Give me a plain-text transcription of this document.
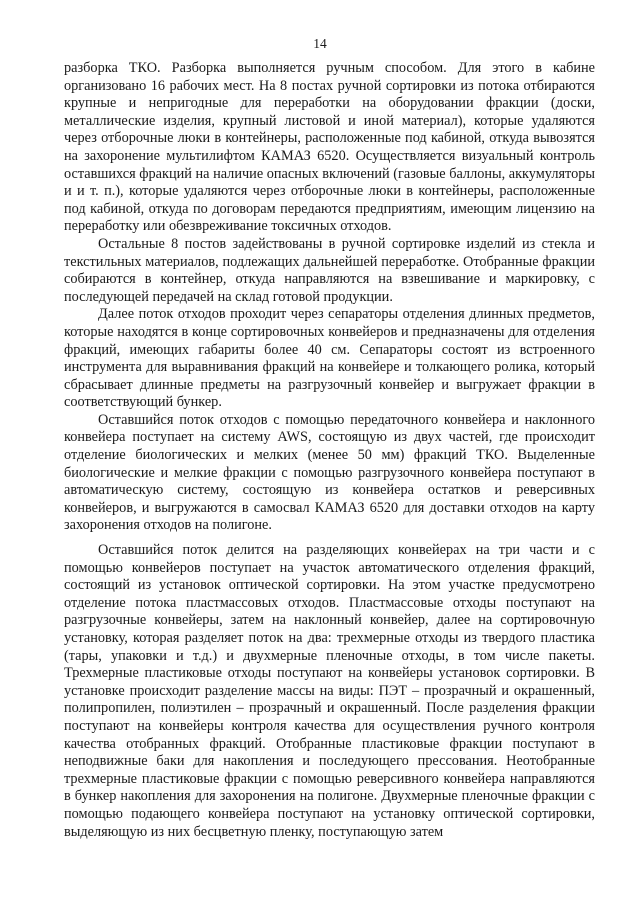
14

разборка ТКО. Разборка выполняется ручным способом. Для этого в кабине организовано 16 рабочих мест. На 8 постах ручной сортировки из потока отбираются крупные и непригодные для переработки на оборудовании фракции (доски, металлические изделия, крупный листовой и иной материал), которые удаляются через отборочные люки в контейнеры, расположенные под кабиной, откуда вывозятся на захоронение мультилифтом КАМАЗ 6520. Осуществляется визуальный контроль оставшихся фракций на наличие опасных включений (газовые баллоны, аккумуляторы и и т. п.), которые удаляются через отборочные люки в контейнеры, расположенные под кабиной, откуда по договорам передаются предприятиям, имеющим лицензию на переработку или обезвреживание токсичных отходов.

Остальные 8 постов задействованы в ручной сортировке изделий из стекла и текстильных материалов, подлежащих дальнейшей переработке. Отобранные фракции собираются в контейнер, откуда направляются на взвешивание и маркировку, с последующей передачей на склад готовой продукции.

Далее поток отходов проходит через сепараторы отделения длинных предметов, которые находятся в конце сортировочных конвейеров и предназначены для отделения фракций, имеющих габариты более 40 см. Сепараторы состоят из встроенного инструмента для выравнивания фракций на конвейере и толкающего ролика, который сбрасывает длинные предметы на разгрузочный конвейер и выгружает фракции в соответствующий бункер.

Оставшийся поток отходов с помощью передаточного конвейера и наклонного конвейера поступает на систему AWS, состоящую из двух частей, где происходит отделение биологических и мелких (менее 50 мм) фракций ТКО. Выделенные биологические и мелкие фракции с помощью разгрузочного конвейера поступают в автоматическую систему, состоящую из конвейера остатков и реверсивных конвейеров, и выгружаются в самосвал КАМАЗ 6520 для доставки отходов на карту захоронения отходов на полигоне.

Оставшийся поток делится на разделяющих конвейерах на три части и с помощью конвейеров поступает на участок автоматического отделения фракций, состоящий из установок оптической сортировки. На этом участке предусмотрено отделение потока пластмассовых отходов. Пластмассовые отходы поступают на разгрузочные конвейеры, затем на наклонный конвейер, далее на сортировочную установку, которая разделяет поток на два: трехмерные отходы из твердого пластика (тары, упаковки и т.д.) и двухмерные пленочные отходы, в том числе пакеты. Трехмерные пластиковые отходы поступают на конвейеры установок сортировки. В установке происходит разделение массы на виды: ПЭТ – прозрачный и окрашенный, полипропилен, полиэтилен – прозрачный и окрашенный. После разделения фракции поступают на конвейеры контроля качества для осуществления ручного контроля качества отобранных фракций. Отобранные пластиковые фракции поступают в неподвижные баки для накопления и последующего прессования. Неотобранные трехмерные пластиковые фракции с помощью реверсивного конвейера направляются в бункер накопления для захоронения на полигоне. Двухмерные пленочные фракции с помощью подающего конвейера поступают на установку оптической сортировки, выделяющую из них бесцветную пленку, поступающую затем
